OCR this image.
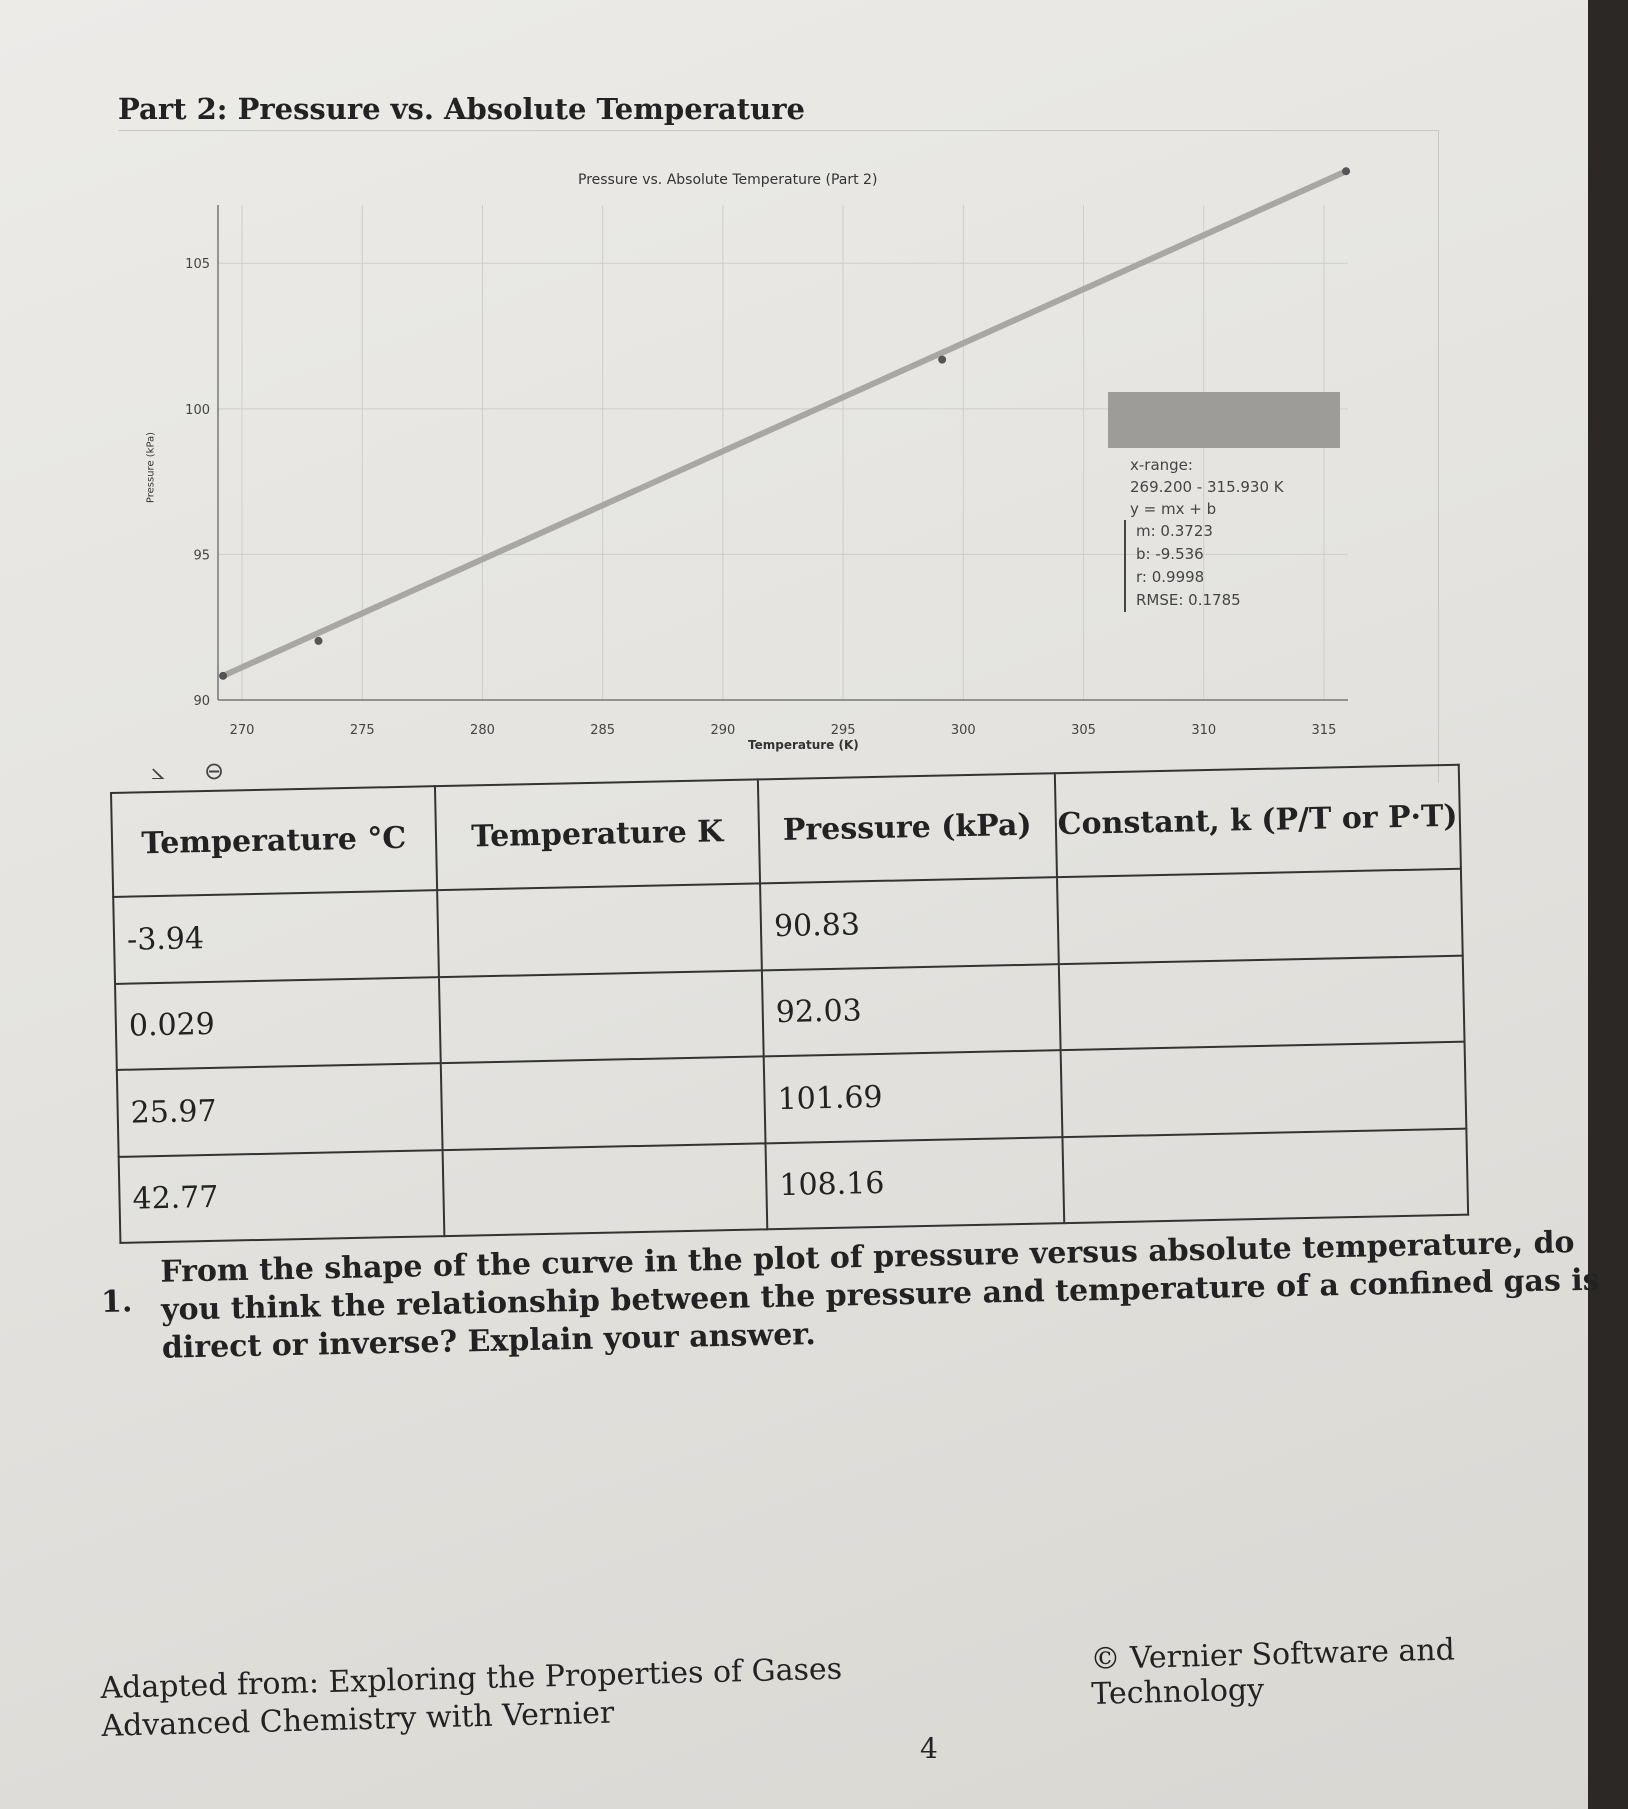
Part 2: Pressure vs. Absolute Temperature
Pressure vs. Absolute Temperature (Part 2)
270	275	280	285	290	295	300	305	310	315
90
95
100
105
Pressure (kPa)
Temperature (K)
⦣	⊖
x-range:
269.200 - 315.930 K
y = mx + b
m: 0.3723
b: -9.536
r: 0.9998
RMSE: 0.1785
Temperature °C	Temperature K	Pressure (kPa)	Constant, k (P/T or P·T)
-3.94		90.83	
0.029		92.03	
25.97		101.69	
42.77		108.16	
1.
From the shape of the curve in the plot of pressure versus absolute temperature, do you think the relationship between the pressure and temperature of a confined gas is direct or inverse? Explain your answer.
Adapted from: Exploring the Properties of Gases
Advanced Chemistry with Vernier
© Vernier Software and Technology
4
